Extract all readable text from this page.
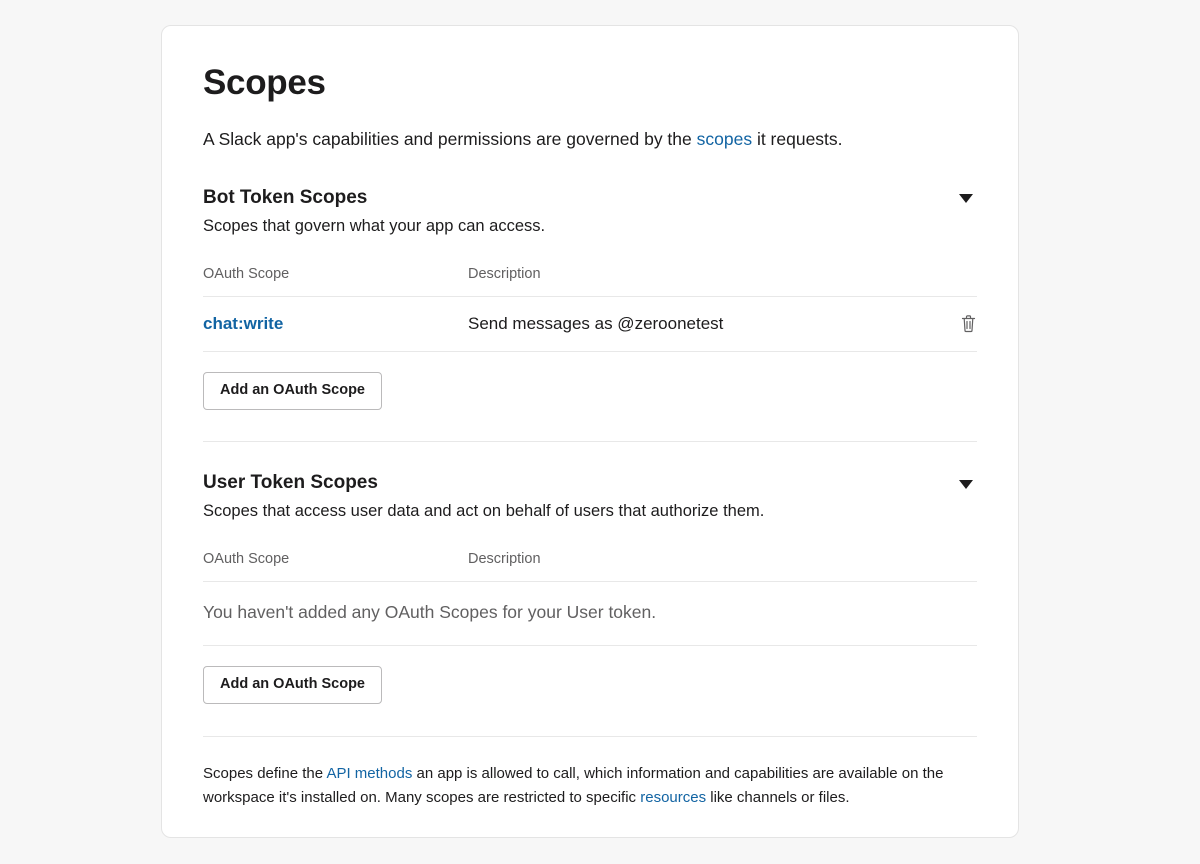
Scopes

A Slack app's capabilities and permissions are governed by the scopes it requests.

Bot Token Scopes
Scopes that govern what your app can access.
OAuth Scope	Description	
chat:write	Send messages as @zeroonetest	
Add an OAuth Scope
User Token Scopes
Scopes that access user data and act on behalf of users that authorize them.
OAuth Scope	Description	
You haven't added any OAuth Scopes for your User token.
Add an OAuth Scope
Scopes define the API methods an app is allowed to call, which information and capabilities are available on the workspace it's installed on. Many scopes are restricted to specific resources like channels or files.
